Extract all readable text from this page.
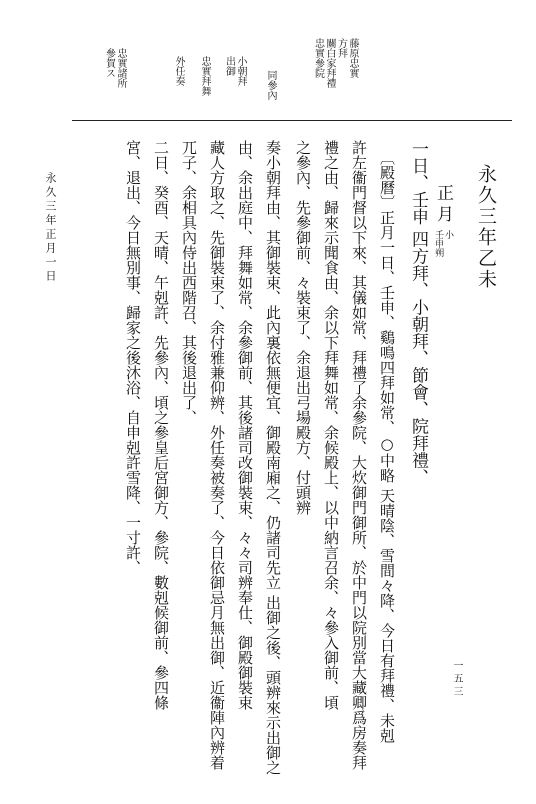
藤原忠實
方拜
關白家拜禮
忠實參院
同參內
小朝拜
出御
忠實拜舞
外任奏
忠實諸所
參賀ス
永久三年乙未
正月
小
壬申朔
一日、壬申 四方拜、小朝拜、節會、院拜禮、
〔殿曆〕正月一日、壬申、鷄鳴四拜如常、○中略 天晴陰、雪間々降、今日有拜禮、未剋
許左衞門督以下來、其儀如常、拜禮了余參院、大炊御門御所、於中門以院別當大藏卿爲房奏拜
禮之由、歸來示聞食由、余以下拜舞如常、余候殿上、以中納言召余、々參入御前、頃
之參內、先參御前、々裝束了、余退出弓場殿方、付頭辨
奏小朝拜由、其御裝束、此內裏依無便宜、御殿南廂之、仍諸司先立 出御之後、頭辨來示出御之
由、余出庭中、拜舞如常、余參御前、其後諸司改御裝束、々々司辨奉仕、御殿御裝束
藏人方取之、先御裝束了、余付雅兼仰辨、外任奏被奏了、今日依御忌月無出御、近衞陣內辨着
兀子、余相具內侍出西階召、其後退出了、
二日、癸酉、天晴、午剋許、先參內、頃之參皇后宮御方、參院、數剋候御前、參四條
宮、退出、今日無別事、歸家之後沐浴、自申剋許雪降、一寸許、
永久三年正月一日
一五三
